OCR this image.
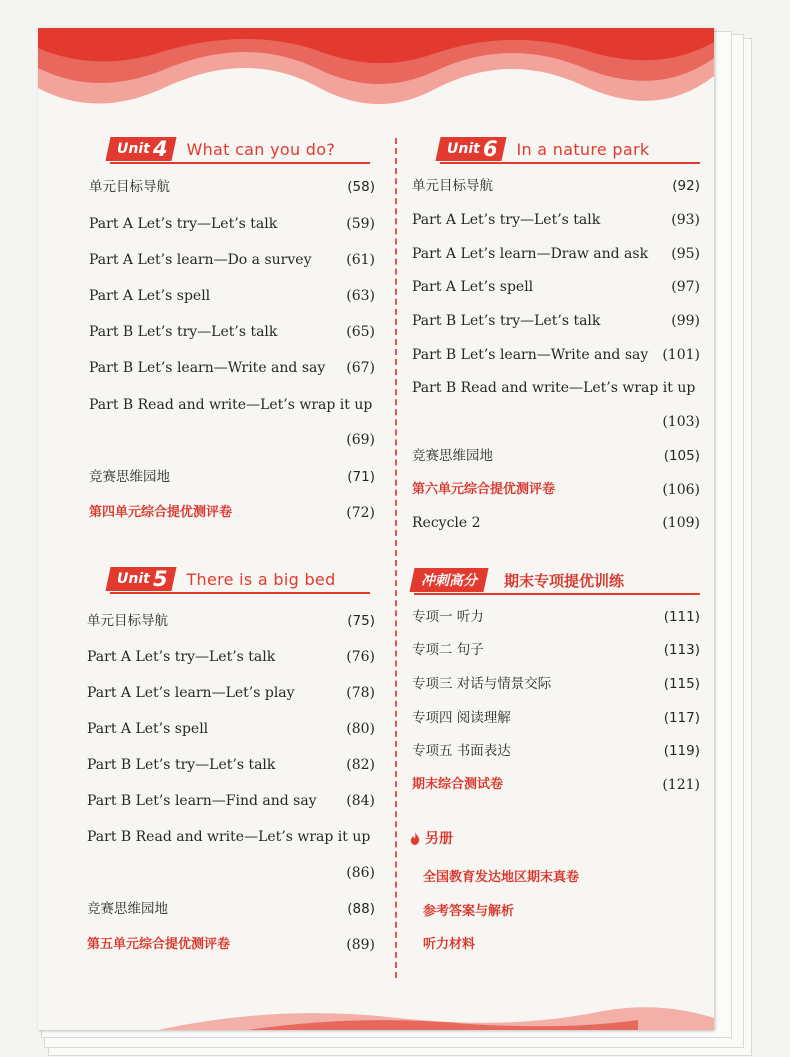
Unit 4 What can you do?
单元目标导航	(58)
Part A Let’s try—Let’s talk	(59)
Part A Let’s learn—Do a survey (61)
Part A Let’s spell	(63)
Part B Let’s try—Let’s talk	(65)
Part B Let’s learn—Write and say (67)
Part B Read and write—Let’s wrap it up
(69)
竞赛思维园地	(71)
第四单元综合提优测评卷	(72)
Unit 5 There is a big bed
单元目标导航	(75)
Part A Let’s try—Let’s talk	(76)
Part A Let’s learn—Let’s play	(78)
Part A Let’s spell	(80)
Part B Let’s try—Let’s talk	(82)
Part B Let’s learn—Find and say (84)
Part B Read and write—Let’s wrap it up
(86)
竞赛思维园地	(88)
第五单元综合提优测评卷	(89)
Unit 6 In a nature park
单元目标导航	(92)
Part A Let’s try—Let’s talk	(93)
Part A Let’s learn—Draw and ask (95)
Part A Let’s spell	(97)
Part B Let’s try—Let’s talk	(99)
Part B Let’s learn—Write and say (101)
Part B Read and write—Let’s wrap it up
(103)
竞赛思维园地	(105)
第六单元综合提优测评卷	(106)
Recycle 2	(109)
冲刺高分 期末专项提优训练
专项一 听力	(111)
专项二 句子	(113)
专项三 对话与情景交际	(115)
专项四 阅读理解	(117)
专项五 书面表达	(119)
期末综合测试卷	(121)
另册
全国教育发达地区期末真卷
参考答案与解析
听力材料
